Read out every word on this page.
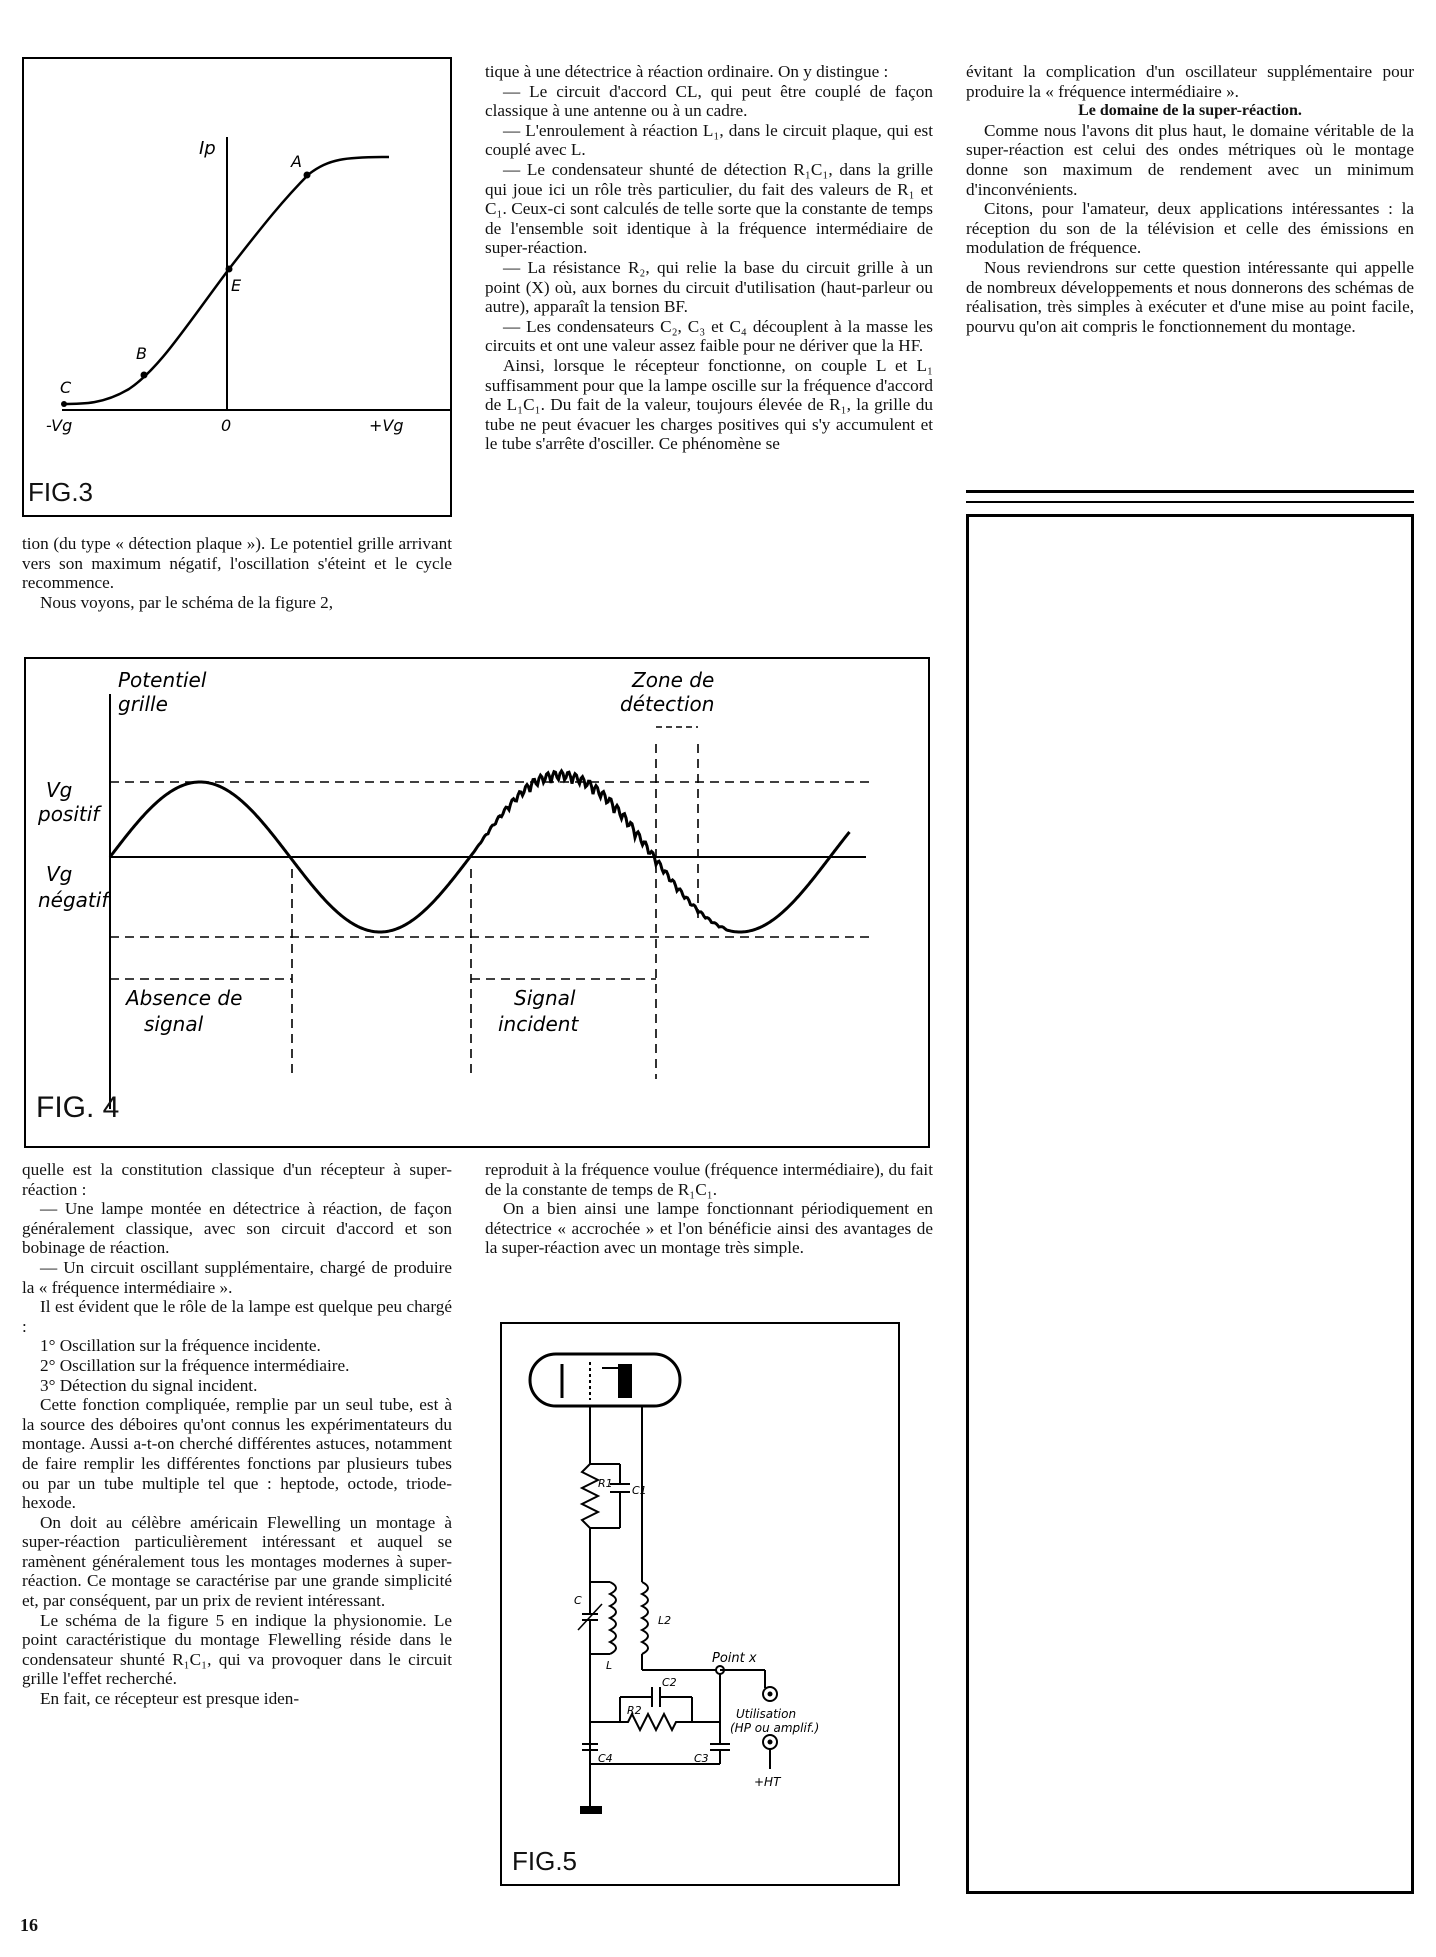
Ip
A
E
B
C
-Vg	0	+Vg
FIG.3

tion (du type « détection plaque »). Le potentiel grille arrivant vers son maximum négatif, l'oscillation s'éteint et le cycle recommence.

Nous voyons, par le schéma de la figure 2,

tique à une détectrice à réaction ordinaire. On y distingue :

— Le circuit d'accord CL, qui peut être couplé de façon classique à une antenne ou à un cadre.

— L'enroulement à réaction L₁, dans le circuit plaque, qui est couplé avec L.

— Le condensateur shunté de détection R₁C₁, dans la grille qui joue ici un rôle très particulier, du fait des valeurs de R₁ et C₁. Ceux-ci sont calculés de telle sorte que la constante de temps de l'ensemble soit identique à la fréquence intermédiaire de super-réaction.

— La résistance R₂, qui relie la base du circuit grille à un point (X) où, aux bornes du circuit d'utilisation (haut-parleur ou autre), apparaît la tension BF.

— Les condensateurs C₂, C₃ et C₄ découplent à la masse les circuits et ont une valeur assez faible pour ne dériver que la HF.

Ainsi, lorsque le récepteur fonctionne, on couple L et L₁ suffisamment pour que la lampe oscille sur la fréquence d'accord de L₁C₁. Du fait de la valeur, toujours élevée de R₁, la grille du tube ne peut évacuer les charges positives qui s'y accumulent et le tube s'arrête d'osciller. Ce phénomène se

évitant la complication d'un oscillateur supplémentaire pour produire la « fréquence intermédiaire ».

Le domaine de la super-réaction.

Comme nous l'avons dit plus haut, le domaine véritable de la super-réaction est celui des ondes métriques où le montage donne son maximum de rendement avec un minimum d'inconvénients.

Citons, pour l'amateur, deux applications intéressantes : la réception du son de la télévision et celle des émissions en modulation de fréquence.

Nous reviendrons sur cette question intéressante qui appelle de nombreux développements et nous donnerons des schémas de réalisation, très simples à exécuter et d'une mise au point facile, pourvu qu'on ait compris le fonctionnement du montage.

Potentiel
grille
Zone de
détection
Vg
positif
Vg
négatif
Absence de
signal
Signal
incident
FIG. 4

quelle est la constitution classique d'un récepteur à super-réaction :

— Une lampe montée en détectrice à réaction, de façon généralement classique, avec son circuit d'accord et son bobinage de réaction.

— Un circuit oscillant supplémentaire, chargé de produire la « fréquence intermédiaire ».

Il est évident que le rôle de la lampe est quelque peu chargé :

1° Oscillation sur la fréquence incidente.

2° Oscillation sur la fréquence intermédiaire.

3° Détection du signal incident.

Cette fonction compliquée, remplie par un seul tube, est à la source des déboires qu'ont connus les expérimentateurs du montage. Aussi a-t-on cherché différentes astuces, notamment de faire remplir les différentes fonctions par plusieurs tubes ou par un tube multiple tel que : heptode, octode, triode-hexode.

On doit au célèbre américain Flewelling un montage à super-réaction particulièrement intéressant et auquel se ramènent généralement tous les montages modernes à super-réaction. Ce montage se caractérise par une grande simplicité et, par conséquent, par un prix de revient intéressant.

Le schéma de la figure 5 en indique la physionomie. Le point caractéristique du montage Flewelling réside dans le condensateur shunté R₁C₁, qui va provoquer dans le circuit grille l'effet recherché.

En fait, ce récepteur est presque iden-

reproduit à la fréquence voulue (fréquence intermédiaire), du fait de la constante de temps de R₁C₁.

On a bien ainsi une lampe fonctionnant périodiquement en détectrice « accrochée » et l'on bénéficie ainsi des avantages de la super-réaction avec un montage très simple.

R1
C1
C
L
L2
C2
R2
C4	C3
Point x
Utilisation
(HP ou amplif.)
+HT
FIG.5
16
